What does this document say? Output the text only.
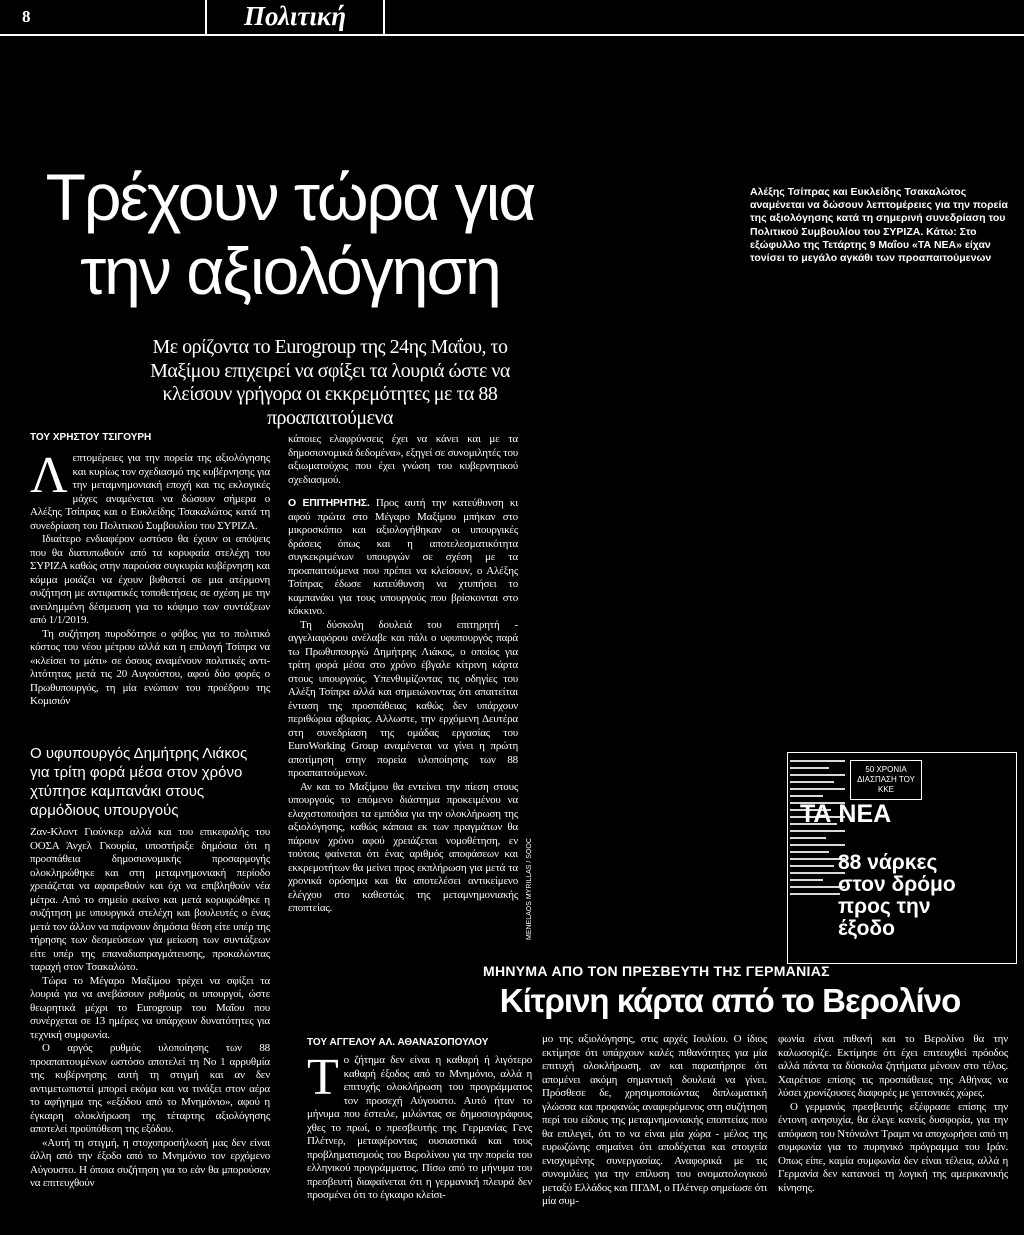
8	Πολιτική
Τρέχουν τώρα για την αξιολόγηση
Αλέξης Τσίπρας και Ευκλείδης Τσακαλώτος αναμένεται να δώσουν λεπτομέρειες για την πορεία της αξιολόγησης κατά τη σημερινή συνεδρίαση του Πολιτικού Συμβουλίου του ΣΥΡΙΖΑ. Κάτω: Στο εξώφυλλο της Τετάρτης 9 Μαΐου «ΤΑ ΝΕΑ» είχαν τονίσει το μεγάλο αγκάθι των προαπαιτούμενων
Με ορίζοντα το Eurogroup της 24ης Μαΐου, το Μαξίμου επιχειρεί να σφίξει τα λουριά ώστε να κλείσουν γρήγορα οι εκκρεμότητες με τα 88 προαπαιτούμενα
ΤΟΥ ΧΡΗΣΤΟΥ ΤΣΙΓΟΥΡΗ

Λεπτομέρειες για την πορεία της αξιολόγησης και κυρίως τον σχεδιασμό της κυβέρνησης για την μεταμνημονιακή εποχή και τις εκλογικές μάχες αναμένεται να δώσουν σήμερα ο Αλέξης Τσίπρας και ο Ευκλείδης Τσακαλώτος κατά τη συνεδρίαση του Πολιτικού Συμβουλίου του ΣΥΡΙΖΑ.

Ιδιαίτερο ενδιαφέρον ωστόσο θα έχουν οι απόψεις που θα διατυπωθούν από τα κορυφαία στελέχη του ΣΥΡΙΖΑ καθώς στην παρούσα συγκυρία κυβέρνηση και κόμμα μοιάζει να έχουν βυθιστεί σε μια ατέρμονη συζήτηση με αντιφατικές τοποθετήσεις σε σχέση με την ανειλημμένη δέσμευση για το κόψιμο των συντάξεων από 1/1/2019.

Τη συζήτηση πυροδότησε ο φόβος για το πολιτικό κόστος του νέου μέτρου αλλά και η επιλογή Τσίπρα να «κλείσει το μάτι» σε όσους αναμένουν πολιτικές αντι-λιτότητας μετά τις 20 Αυγούστου, αφού δύο φορές ο Πρωθυπουργός, τη μία ενώπιον του προέδρου της Κομισιόν

Ο υφυπουργός Δημήτρης Λιάκος για τρίτη φορά μέσα στον χρόνο χτύπησε καμπανάκι στους αρμόδιους υπουργούς

Ζαν-Κλοντ Γιούνκερ αλλά και του επικεφαλής του ΟΟΣΑ Άνχελ Γκουρία, υποστήριξε δημόσια ότι η προσπάθεια δημοσιονομικής προσαρμογής ολοκληρώθηκε και στη μεταμνημονιακή περίοδο χρειάζεται να αφαιρεθούν και όχι να επιβληθούν νέα μέτρα. Από το σημείο εκείνο και μετά κορυφώθηκε η συζήτηση με υπουργικά στελέχη και βουλευτές ο ένας μετά τον άλλον να παίρνουν δημόσια θέση είτε υπέρ της τήρησης των δεσμεύσεων για μείωση των συντάξεων είτε υπέρ της επαναδιαπραγμάτευσης, προκαλώντας ταραχή στον Τσακαλώτο.

Τώρα το Μέγαρο Μαξίμου τρέχει να σφίξει τα λουριά για να ανεβάσουν ρυθμούς οι υπουργοί, ώστε θεωρητικά μέχρι το Eurogroup του Μαΐου που συνέρχεται σε 13 ημέρες να υπάρχουν δυνατότητες για τεχνική συμφωνία.

Ο αργός ρυθμός υλοποίησης των 88 προαπαιτουμένων ωστόσο αποτελεί τη Νο 1 αρρυθμία της κυβέρνησης αυτή τη στιγμή και αν δεν αντιμετωπιστεί μπορεί εκόμα και να τινάξει στον αέρα το αφήγημα της «εξόδου από το Μνημόνιο», αφού η έγκαιρη ολοκλήρωση της τέταρτης αξιολόγησης αποτελεί προϋπόθεση της εξόδου.

«Αυτή τη στιγμή, η στοχοπροσήλωσή μας δεν είναι άλλη από την έξοδο από το Μνημόνιο τον ερχόμενο Αύγουστο. Η όποια συζήτηση για το εάν θα μπορούσαν να επιτευχθούν

κάποιες ελαφρύνσεις έχει να κάνει και με τα δημοσιονομικά δεδομένα», εξηγεί σε συνομιλητές του αξιωματούχος που έχει γνώση του κυβερνητικού σχεδιασμού.

Ο ΕΠΙΤΗΡΗΤΗΣ. Προς αυτή την κατεύθυνση κι αφού πρώτα στο Μέγαρο Μαξίμου μπήκαν στο μικροσκόπιο και αξιολογήθηκαν οι υπουργικές δράσεις όπως και η αποτελεσματικότητα συγκεκριμένων υπουργών σε σχέση με τα προαπαιτούμενα που πρέπει να κλείσουν, ο Αλέξης Τσίπρας έδωσε κατεύθυνση να χτυπήσει το καμπανάκι για τους υπουργούς που βρίσκονται στο κόκκινο.

Τη δύσκολη δουλειά του επιτηρητή - αγγελιαφόρου ανέλαβε και πάλι ο υφυπουργός παρά τω Πρωθυπουργώ Δημήτρης Λιάκος, ο οποίος για τρίτη φορά μέσα στο χρόνο έβγαλε κίτρινη κάρτα στους υπουργούς. Υπενθυμίζοντας τις οδηγίες του Αλέξη Τσίπρα αλλά και σημειώνοντας ότι απαιτείται ένταση της προσπάθειας καθώς δεν υπάρχουν περιθώρια αβαρίας. Αλλωστε, την ερχόμενη Δευτέρα στη συνεδρίαση της ομάδας εργασίας του EuroWorking Group αναμένεται να γίνει η πρώτη αποτίμηση στην πορεία υλοποίησης των 88 προαπαιτούμενων.

Αν και το Μαξίμου θα εντείνει την πίεση στους υπουργούς το επόμενο διάστημα προκειμένου να ελαχιστοποιήσει τα εμπόδια για την ολοκλήρωση της αξιολόγησης, καθώς κάποια εκ των πραγμάτων θα πάρουν χρόνο αφού χρειάζεται νομοθέτηση, εν τούτοις φαίνεται ότι ένας αριθμός αποφάσεων και εκκρεμοτήτων θα μείνει προς εκπλήρωση για μετά τα χρονικά ορόσημα και θα αποτελέσει αντικείμενο ελέγχου στο καθεστώς της μεταμνημονιακής εποπτείας.	MENELAOS MYRILLAS / SOOC
50 ΧΡΟΝΙΑ ΔΙΑΣΠΑΣΗ ΤΟΥ ΚΚΕ
ΤΑ ΝΕΑ
88 νάρκες στον δρόμο προς την έξοδο
ΜΗΝΥΜΑ ΑΠΟ ΤΟΝ ΠΡΕΣΒΕΥΤΗ ΤΗΣ ΓΕΡΜΑΝΙΑΣ
Κίτρινη κάρτα από το Βερολίνο
ΤΟΥ ΑΓΓΕΛΟΥ ΑΛ. ΑΘΑΝΑΣΟΠΟΥΛΟΥ

Το ζήτημα δεν είναι η καθαρή ή λιγότερο καθαρή έξοδος από το Μνημόνιο, αλλά η επιτυχής ολοκλήρωση του προγράμματος τον προσεχή Αύγουστο. Αυτό ήταν το μήνυμα που έστειλε, μιλώντας σε δημοσιογράφους χθες το πρωί, ο πρεσβευτής της Γερμανίας Γενς Πλέτνερ, μεταφέροντας ουσιαστικά και τους προβληματισμούς του Βερολίνου για την πορεία του ελληνικού προγράμματος. Πίσω από το μήνυμα του πρεσβευτή διαφαίνεται ότι η γερμανική πλευρά δεν προσμένει ότι το έγκαιρο κλείσι-

μο της αξιολόγησης, στις αρχές Ιουλίου. Ο ίδιος εκτίμησε ότι υπάρχουν καλές πιθανότητες για μία επιτυχή ολοκλήρωση, αν και παραπήρησε ότι απομένει ακόμη σημαντική δουλειά να γίνει. Πρόσθεσε δε, χρησιμοποιώντας διπλωματική γλώσσα και προφανώς αναφερόμενος στη συζήτηση περί του είδους της μεταμνημονιακής εποπτείας που θα επιλεγεί, ότι το να είναι μία χώρα - μέλος της ευρωζώνης σημαίνει ότι αποδέχεται και στοιχεία ενισχυμένης συνεργασίας. Αναφορικά με τις συνομιλίες για την επίλυση του ονοματολογικού μεταξύ Ελλάδος και ΠΓΔΜ, ο Πλέτνερ σημείωσε ότι μία συμ-

φωνία είναι πιθανή και το Βερολίνο θα την καλωσορίζε. Εκτίμησε ότι έχει επιτευχθεί πρόοδος αλλά πάντα τα δύσκολα ζητήματα μένουν στο τέλος. Χαιρέτισε επίσης τις προσπάθειες της Αθήνας να λύσει χρονίζουσες διαφορές με γειτονικές χώρες.

Ο γερμανός πρεσβευτής εξέφρασε επίσης την έντονη ανησυχία, θα έλεγε κανείς δυσφορία, για την απόφαση του Ντόναλντ Τραμπ να αποχωρήσει από τη συμφωνία για το πυρηνικό πρόγραμμα του Ιράν. Οπως είπε, καμία συμφωνία δεν είναι τέλεια, αλλά η Γερμανία δεν κατανοεί τη λογική της αμερικανικής κίνησης.
